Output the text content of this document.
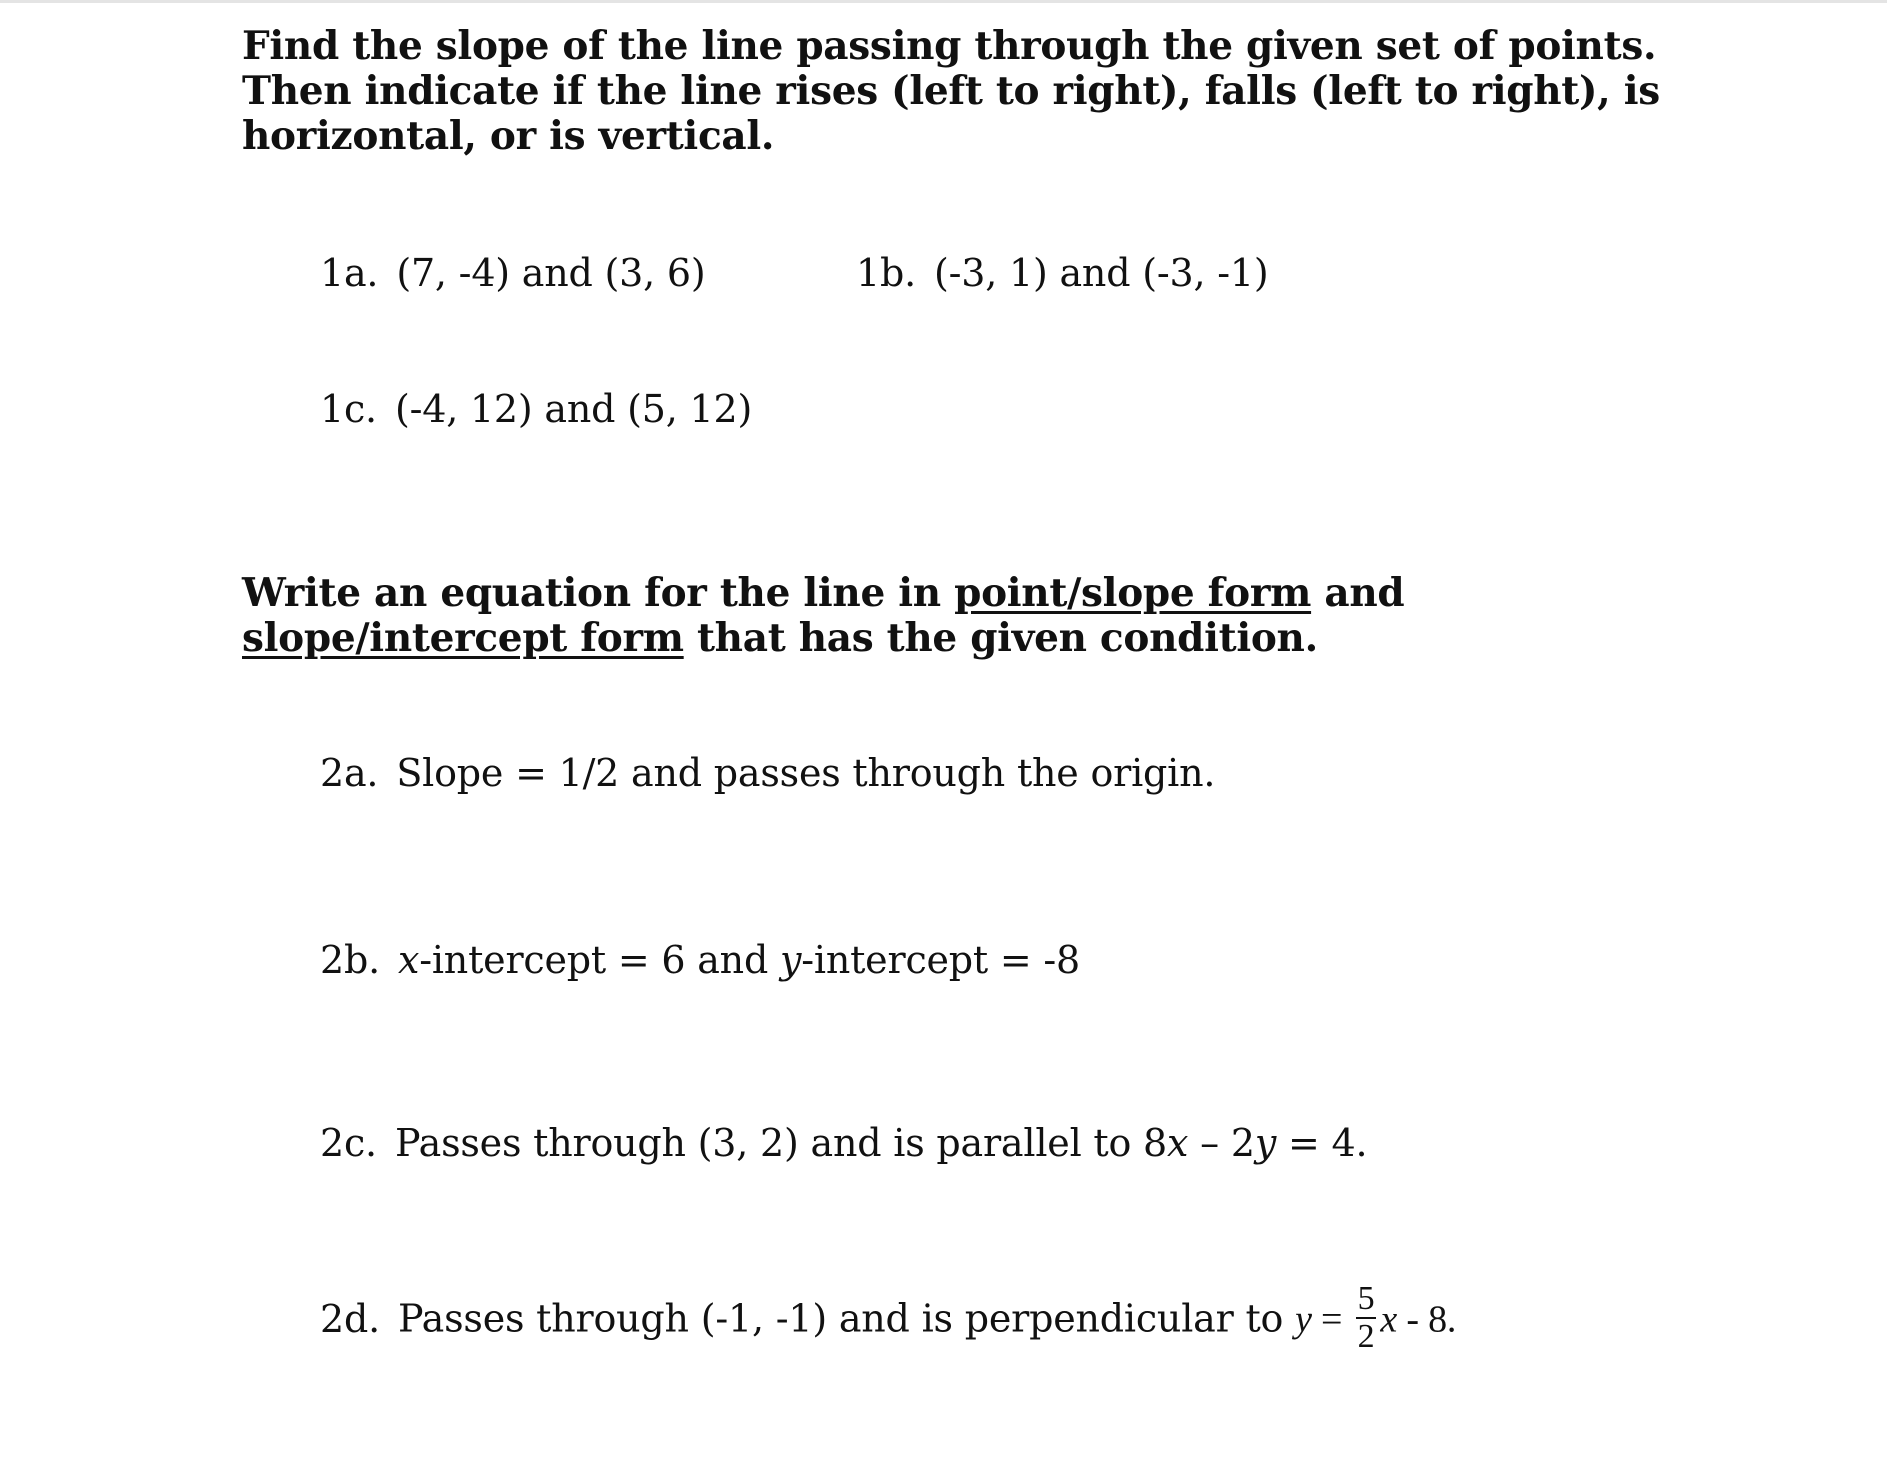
Find the slope of the line passing through the given set of points.
Then indicate if the line rises (left to right), falls (left to right), is
horizontal, or is vertical.
1a. (7, -4) and (3, 6)	1b. (-3, 1) and (-3, -1)
1c. (-4, 12) and (5, 12)
Write an equation for the line in point/slope form and
slope/intercept form that has the given condition.
2a. Slope = 1/2 and passes through the origin.
2b. x-intercept = 6 and y-intercept = -8
2c. Passes through (3, 2) and is parallel to 8x – 2y = 4.
2d. Passes through (-1, -1) and is perpendicular to $y = \frac{5}{2}$ x - 8.
